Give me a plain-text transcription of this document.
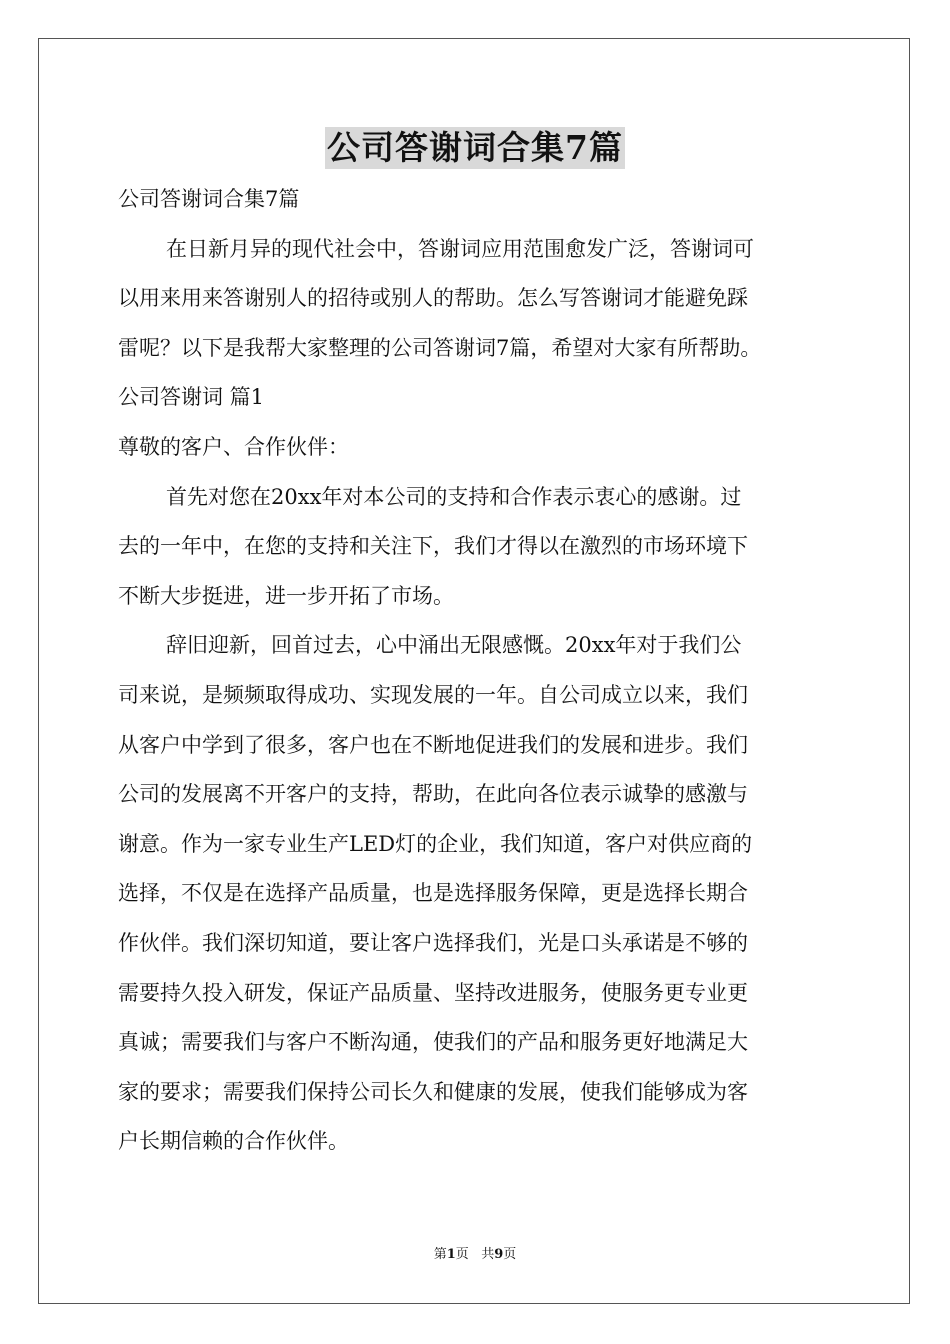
公司答谢词合集7篇

公司答谢词合集7篇

在日新月异的现代社会中，答谢词应用范围愈发广泛，答谢词可

以用来用来答谢别人的招待或别人的帮助。怎么写答谢词才能避免踩

雷呢？以下是我帮大家整理的公司答谢词7篇，希望对大家有所帮助。

公司答谢词 篇1

尊敬的客户、合作伙伴：

首先对您在20xx年对本公司的支持和合作表示衷心的感谢。过

去的一年中，在您的支持和关注下，我们才得以在激烈的市场环境下

不断大步挺进，进一步开拓了市场。

辞旧迎新，回首过去，心中涌出无限感慨。20xx年对于我们公

司来说，是频频取得成功、实现发展的一年。自公司成立以来，我们

从客户中学到了很多，客户也在不断地促进我们的发展和进步。我们

公司的发展离不开客户的支持，帮助，在此向各位表示诚挚的感激与

谢意。作为一家专业生产LED灯的企业，我们知道，客户对供应商的

选择，不仅是在选择产品质量，也是选择服务保障，更是选择长期合

作伙伴。我们深切知道，要让客户选择我们，光是口头承诺是不够的

需要持久投入研发，保证产品质量、坚持改进服务，使服务更专业更

真诚；需要我们与客户不断沟通，使我们的产品和服务更好地满足大

家的要求；需要我们保持公司长久和健康的发展，使我们能够成为客

户长期信赖的合作伙伴。

第1页 共9页
